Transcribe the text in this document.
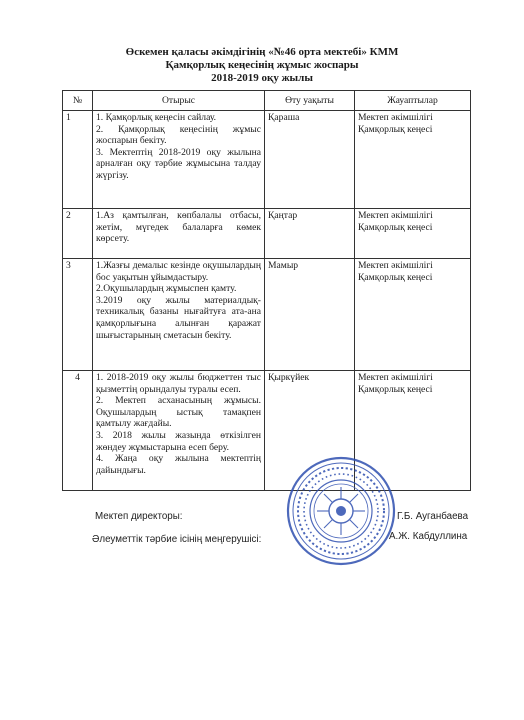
Өскемен қаласы әкімдігінің «№46 орта мектебі» КММ
Қамқорлық кеңесінің жұмыс жоспары
2018-2019 оқу жылы
№	Отырыс	Өту уақыты	Жауаптылар
1	1. Қамқорлық кеңесін сайлау.

2. Қамқорлық кеңесінің жұмыс жоспарын бекіту.

3. Мектептің 2018-2019 оқу жылына арналған оқу тәрбие жұмысына талдау жүргізу.	Қараша	Мектеп әкімшілігі Қамқорлық кеңесі
2	1.Аз қамтылған, көпбалалы отбасы, жетім, мүгедек балаларға көмек көрсету.	Қаңтар	Мектеп әкімшілігі Қамқорлық кеңесі
3	1.Жазғы демалыс кезінде оқушылардың бос уақытын ұйымдастыру.

2.Оқушылардың жұмыспен қамту.

3.2019 оқу жылы материалдық-техникалық базаны нығайтуға ата-ана қамқорлығына алынған қаражат шығыстарының сметасын бекіту.	Мамыр	Мектеп әкімшілігі Қамқорлық кеңесі
4	1. 2018-2019 оқу жылы бюджеттен тыс қызметтің орындалуы туралы есеп.

2. Мектеп асханасының жұмысы. Оқушылардың ыстық тамақпен қамтылу жағдайы.

3. 2018 жылы жазында өткізілген жөндеу жұмыстарына есеп беру.

4. Жаңа оқу жылына мектептің дайындығы.	Қыркүйек	Мектеп әкімшілігі Қамқорлық кеңесі
Мектеп директоры:	Г.Б. Ауганбаева
Әлеуметтік тәрбие ісінің меңгерушісі:	А.Ж. Кабдуллина
